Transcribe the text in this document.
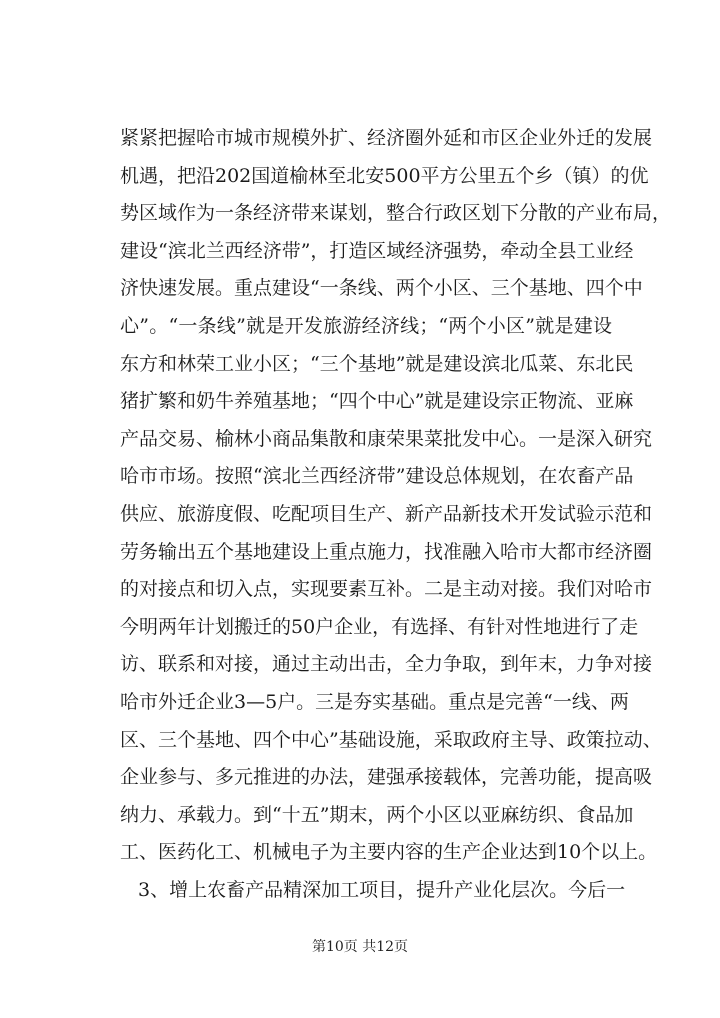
紧紧把握哈市城市规模外扩、经济圈外延和市区企业外迁的发展
机遇，把沿202国道榆林至北安500平方公里五个乡（镇）的优
势区域作为一条经济带来谋划，整合行政区划下分散的产业布局，
建设“滨北兰西经济带”，打造区域经济强势，牵动全县工业经
济快速发展。重点建设“一条线、两个小区、三个基地、四个中
心”。“一条线”就是开发旅游经济线；“两个小区”就是建设
东方和林荣工业小区；“三个基地”就是建设滨北瓜菜、东北民
猪扩繁和奶牛养殖基地；“四个中心”就是建设宗正物流、亚麻
产品交易、榆林小商品集散和康荣果菜批发中心。一是深入研究
哈市市场。按照“滨北兰西经济带”建设总体规划，在农畜产品
供应、旅游度假、吃配项目生产、新产品新技术开发试验示范和
劳务输出五个基地建设上重点施力，找准融入哈市大都市经济圈
的对接点和切入点，实现要素互补。二是主动对接。我们对哈市
今明两年计划搬迁的50户企业，有选择、有针对性地进行了走
访、联系和对接，通过主动出击，全力争取，到年末，力争对接
哈市外迁企业3—5户。三是夯实基础。重点是完善“一线、两
区、三个基地、四个中心”基础设施，采取政府主导、政策拉动、
企业参与、多元推进的办法，建强承接载体，完善功能，提高吸
纳力、承载力。到“十五”期末，两个小区以亚麻纺织、食品加
工、医药化工、机械电子为主要内容的生产企业达到10个以上。
3、增上农畜产品精深加工项目，提升产业化层次。今后一
第10页 共12页
